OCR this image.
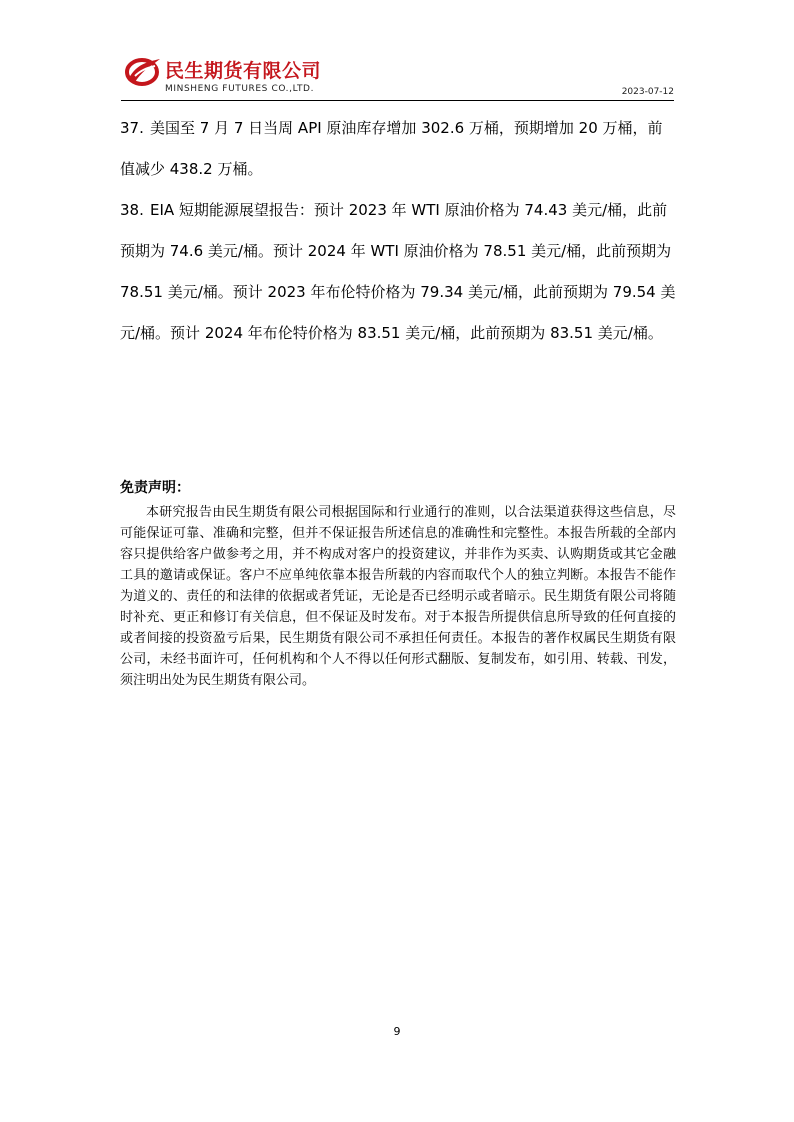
民生期货有限公司
MINSHENG FUTURES CO.,LTD.	2023-07-12

37. 美国至 7 月 7 日当周 API 原油库存增加 302.6 万桶，预期增加 20 万桶，前值减少 438.2 万桶。

38. EIA 短期能源展望报告：预计 2023 年 WTI 原油价格为 74.43 美元/桶，此前预期为 74.6 美元/桶。预计 2024 年 WTI 原油价格为 78.51 美元/桶，此前预期为 78.51 美元/桶。预计 2023 年布伦特价格为 79.34 美元/桶，此前预期为 79.54 美元/桶。预计 2024 年布伦特价格为 83.51 美元/桶，此前预期为 83.51 美元/桶。

免责声明：

本研究报告由民生期货有限公司根据国际和行业通行的准则，以合法渠道获得这些信息，尽可能保证可靠、准确和完整，但并不保证报告所述信息的准确性和完整性。本报告所载的全部内容只提供给客户做参考之用，并不构成对客户的投资建议，并非作为买卖、认购期货或其它金融工具的邀请或保证。客户不应单纯依靠本报告所载的内容而取代个人的独立判断。本报告不能作为道义的、责任的和法律的依据或者凭证，无论是否已经明示或者暗示。民生期货有限公司将随时补充、更正和修订有关信息，但不保证及时发布。对于本报告所提供信息所导致的任何直接的或者间接的投资盈亏后果，民生期货有限公司不承担任何责任。本报告的著作权属民生期货有限公司，未经书面许可，任何机构和个人不得以任何形式翻版、复制发布，如引用、转载、刊发，须注明出处为民生期货有限公司。

9
